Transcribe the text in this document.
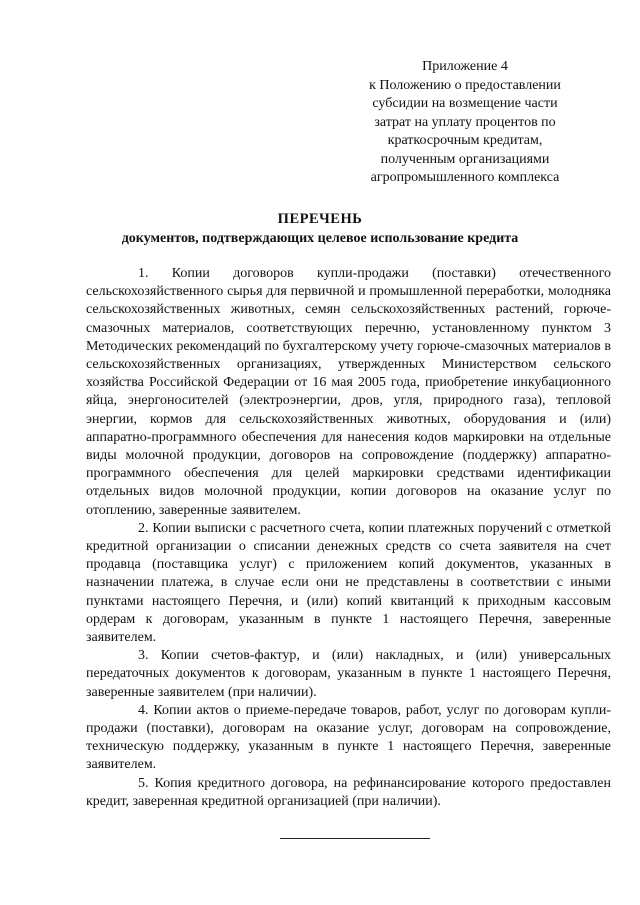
Приложение 4
к Положению о предоставлении
субсидии на возмещение части
затрат на уплату процентов по
краткосрочным кредитам,
полученным организациями
агропромышленного комплекса
ПЕРЕЧЕНЬ
документов, подтверждающих целевое использование кредита

1. Копии договоров купли-продажи (поставки) отечественного сельскохозяйственного сырья для первичной и промышленной переработки, молодняка сельскохозяйственных животных, семян сельскохозяйственных растений, горюче-смазочных материалов, соответствующих перечню, установленному пунктом 3 Методических рекомендаций по бухгалтерскому учету горюче-смазочных материалов в сельскохозяйственных организациях, утвержденных Министерством сельского хозяйства Российской Федерации от 16 мая 2005 года, приобретение инкубационного яйца, энергоносителей (электроэнергии, дров, угля, природного газа), тепловой энергии, кормов для сельскохозяйственных животных, оборудования и (или) аппаратно-программного обеспечения для нанесения кодов маркировки на отдельные виды молочной продукции, договоров на сопровождение (поддержку) аппаратно-программного обеспечения для целей маркировки средствами идентификации отдельных видов молочной продукции, копии договоров на оказание услуг по отоплению, заверенные заявителем.

2. Копии выписки с расчетного счета, копии платежных поручений с отметкой кредитной организации о списании денежных средств со счета заявителя на счет продавца (поставщика услуг) с приложением копий документов, указанных в назначении платежа, в случае если они не представлены в соответствии с иными пунктами настоящего Перечня, и (или) копий квитанций к приходным кассовым ордерам к договорам, указанным в пункте 1 настоящего Перечня, заверенные заявителем.

3. Копии счетов-фактур, и (или) накладных, и (или) универсальных передаточных документов к договорам, указанным в пункте 1 настоящего Перечня, заверенные заявителем (при наличии).

4. Копии актов о приеме-передаче товаров, работ, услуг по договорам купли-продажи (поставки), договорам на оказание услуг, договорам на сопровождение, техническую поддержку, указанным в пункте 1 настоящего Перечня, заверенные заявителем.

5. Копия кредитного договора, на рефинансирование которого предоставлен кредит, заверенная кредитной организацией (при наличии).
